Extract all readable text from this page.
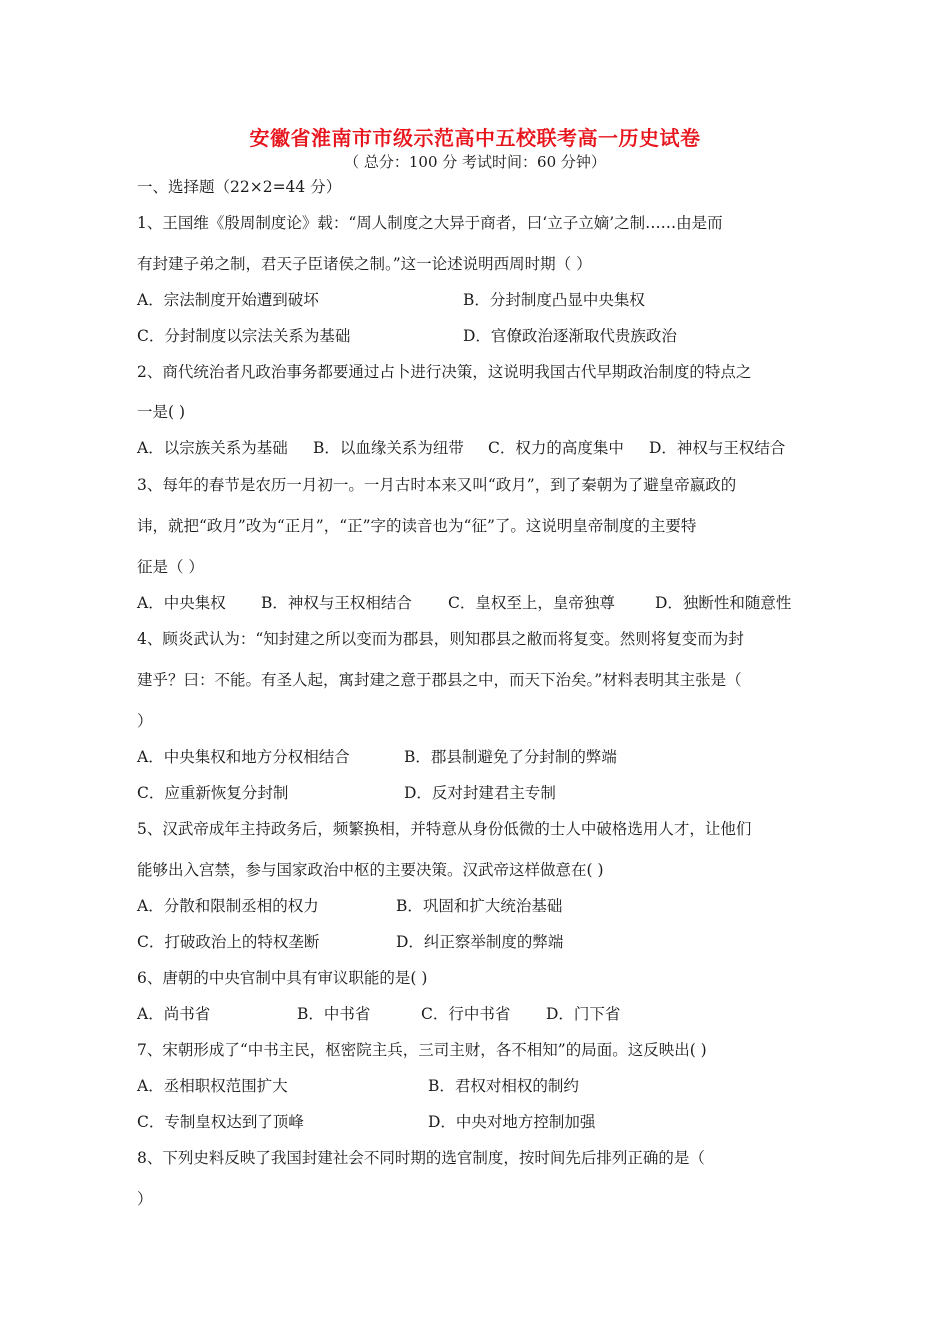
安徽省淮南市市级示范高中五校联考高一历史试卷
（ 总分：100 分 考试时间：60 分钟）
一、选择题（22×2=44 分）
1、王国维《殷周制度论》载：“周人制度之大异于商者，曰‘立子立嫡’之制……由是而
有封建子弟之制，君天子臣诸侯之制。”这一论述说明西周时期（ ）
A．宗法制度开始遭到破坏	B．分封制度凸显中央集权
C．分封制度以宗法关系为基础	D．官僚政治逐渐取代贵族政治
2、商代统治者凡政治事务都要通过占卜进行决策，这说明我国古代早期政治制度的特点之
一是( )
A．以宗族关系为基础 B．以血缘关系为纽带 C．权力的高度集中 D．神权与王权结合
3、每年的春节是农历一月初一。一月古时本来又叫“政月”，到了秦朝为了避皇帝嬴政的
讳，就把“政月”改为“正月”，“正”字的读音也为“征”了。这说明皇帝制度的主要特
征是（ ）
A．中央集权 B．神权与王权相结合 C．皇权至上，皇帝独尊	D．独断性和随意性
4、顾炎武认为：“知封建之所以变而为郡县，则知郡县之敝而将复变。然则将复变而为封
建乎？曰：不能。有圣人起，寓封建之意于郡县之中，而天下治矣。”材料表明其主张是（
）
A．中央集权和地方分权相结合	B．郡县制避免了分封制的弊端
C．应重新恢复分封制	D．反对封建君主专制
5、汉武帝成年主持政务后，频繁换相，并特意从身份低微的士人中破格选用人才，让他们
能够出入宫禁，参与国家政治中枢的主要决策。汉武帝这样做意在( )
A．分散和限制丞相的权力	B．巩固和扩大统治基础
C．打破政治上的特权垄断	D．纠正察举制度的弊端
6、唐朝的中央官制中具有审议职能的是( )
A．尚书省	B．中书省	C．行中书省 D．门下省
7、宋朝形成了“中书主民，枢密院主兵，三司主财，各不相知”的局面。这反映出( )
A．丞相职权范围扩大	B．君权对相权的制约
C．专制皇权达到了顶峰	D．中央对地方控制加强
8、下列史料反映了我国封建社会不同时期的选官制度，按时间先后排列正确的是（
）
